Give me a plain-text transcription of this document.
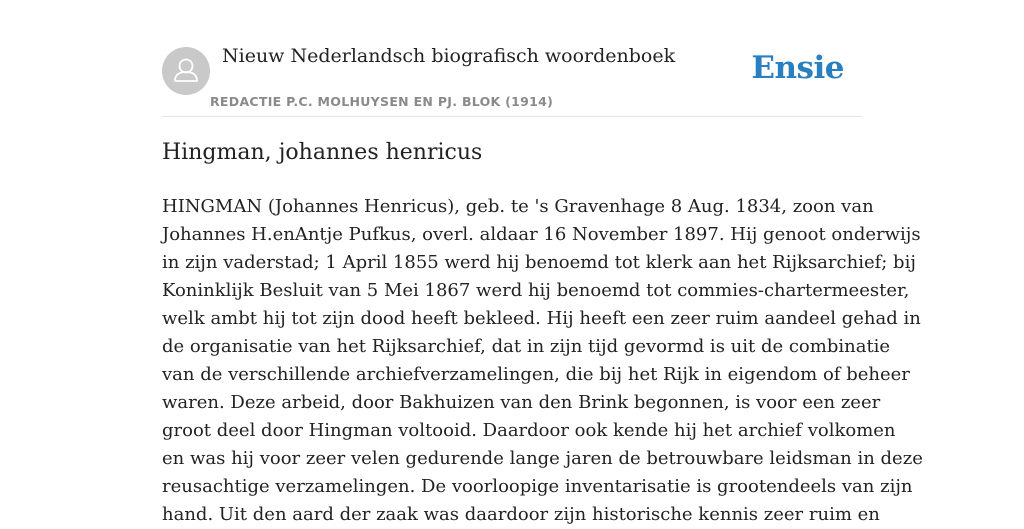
Nieuw Nederlandsch biografisch woordenboek
REDACTIE P.C. MOLHUYSEN EN PJ. BLOK (1914)
Ensie
Hingman, johannes henricus
HINGMAN (Johannes Henricus), geb. te 's Gravenhage 8 Aug. 1834, zoon van
Johannes H.enAntje Pufkus, overl. aldaar 16 November 1897. Hij genoot onderwijs
in zijn vaderstad; 1 April 1855 werd hij benoemd tot klerk aan het Rijksarchief; bij
Koninklijk Besluit van 5 Mei 1867 werd hij benoemd tot commies-chartermeester,
welk ambt hij tot zijn dood heeft bekleed. Hij heeft een zeer ruim aandeel gehad in
de organisatie van het Rijksarchief, dat in zijn tijd gevormd is uit de combinatie
van de verschillende archiefverzamelingen, die bij het Rijk in eigendom of beheer
waren. Deze arbeid, door Bakhuizen van den Brink begonnen, is voor een zeer
groot deel door Hingman voltooid. Daardoor ook kende hij het archief volkomen
en was hij voor zeer velen gedurende lange jaren de betrouwbare leidsman in deze
reusachtige verzamelingen. De voorloopige inventarisatie is grootendeels van zijn
hand. Uit den aard der zaak was daardoor zijn historische kennis zeer ruim en
